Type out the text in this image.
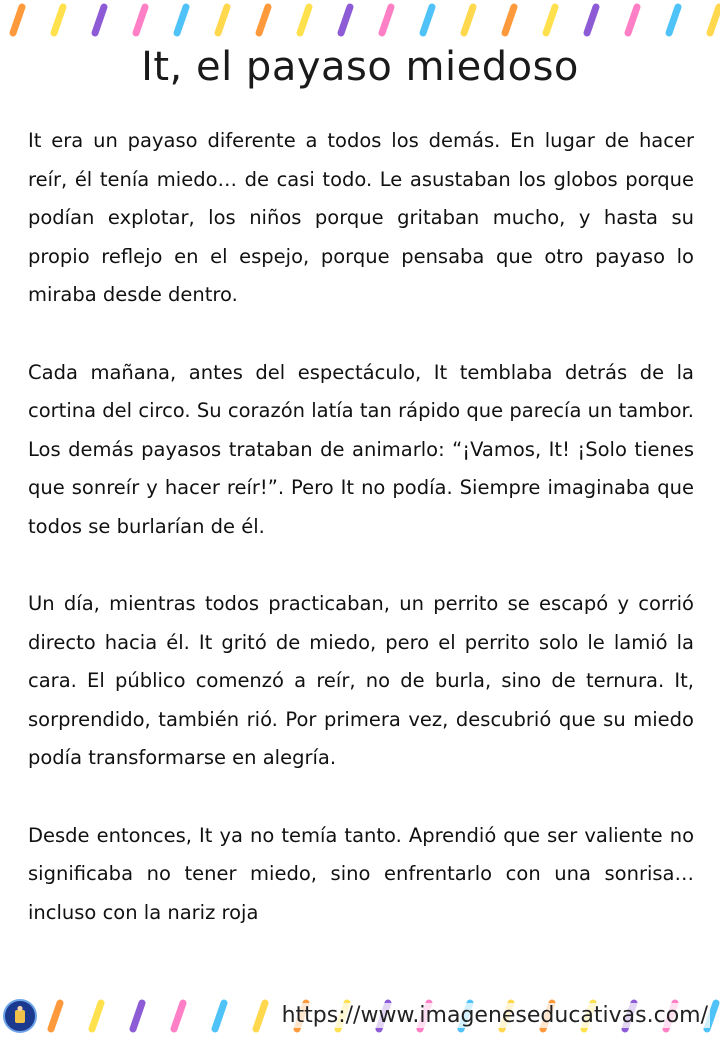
It, el payaso miedoso

It era un payaso diferente a todos los demás. En lugar de hacer reír, él tenía miedo… de casi todo. Le asustaban los globos porque podían explotar, los niños porque gritaban mucho, y hasta su propio reflejo en el espejo, porque pensaba que otro payaso lo miraba desde dentro.

Cada mañana, antes del espectáculo, It temblaba detrás de la cortina del circo. Su corazón latía tan rápido que parecía un tambor. Los demás payasos trataban de animarlo: “¡Vamos, It! ¡Solo tienes que sonreír y hacer reír!”. Pero It no podía. Siempre imaginaba que todos se burlarían de él.

Un día, mientras todos practicaban, un perrito se escapó y corrió directo hacia él. It gritó de miedo, pero el perrito solo le lamió la cara. El público comenzó a reír, no de burla, sino de ternura. It, sorprendido, también rió. Por primera vez, descubrió que su miedo podía transformarse en alegría.

Desde entonces, It ya no temía tanto. Aprendió que ser valiente no significaba no tener miedo, sino enfrentarlo con una sonrisa… incluso con la nariz roja

https://www.imageneseducativas.com/
